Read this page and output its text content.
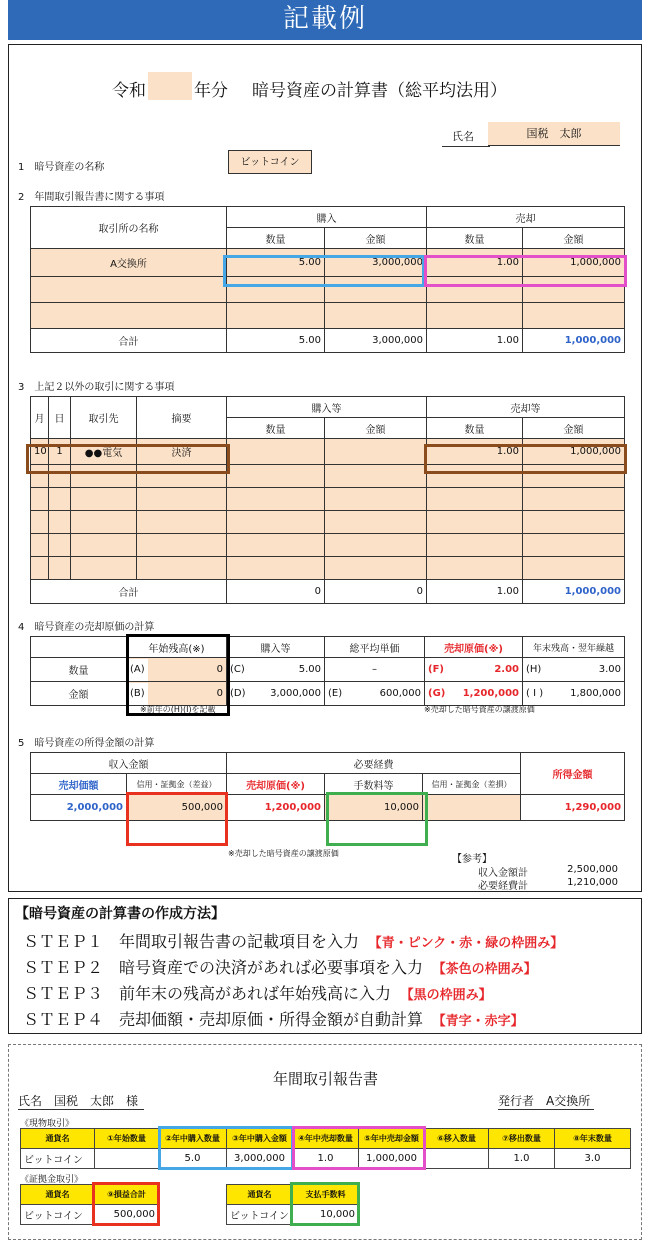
記載例
令和	年分 暗号資産の計算書（総平均法用）
氏名	国税　太郎
1　暗号資産の名称	ビットコイン
2　年間取引報告書に関する事項
取引所の名称	購入		売却	
	数量	金額	数量	金額
A交換所	5.00	3,000,000	1.00	1,000,000

合計	5.00	3,000,000	1.00	1,000,000
3　上記２以外の取引に関する事項
月	日	取引先	摘要	購入等		売却等	
				数量	金額	数量	金額
10	1	●●電気	決済			1.00	1,000,000

合計				0	0	1.00	1,000,000
4　暗号資産の売却原価の計算
	年始残高(※)	購入等	総平均単価	売却原価(※)	年末残高・翌年繰越
数量	(A) 0	(C) 5.00	–	(F) 2.00	(H) 3.00

金額	(B) 0	(D) 3,000,000	(E) 600,000	(G) 1,200,000	( I ) 1,800,000
※前年の(H)(I)を記載	※売却した暗号資産の譲渡原価
5　暗号資産の所得金額の計算
収入金額		必要経費			所得金額
売却価額	信用・証拠金（差益）	売却原価(※)	手数料等	信用・証拠金（差損）	
2,000,000	500,000	1,200,000	10,000		1,290,000
※売却した暗号資産の譲渡原価
【参考】
収入金額計	2,500,000
必要経費計	1,210,000
【暗号資産の計算書の作成方法】
ＳＴＥＰ１　 年間取引報告書の記載項目を入力　 【青・ピンク・赤・緑の枠囲み】
ＳＴＥＰ２　 暗号資産での決済があれば必要事項を入力　 【茶色の枠囲み】
ＳＴＥＰ３　 前年末の残高があれば年始残高に入力　 【黒の枠囲み】
ＳＴＥＰ４　 売却価額・売却原価・所得金額が自動計算　 【青字・赤字】
年間取引報告書
氏名　国税　太郎　様	発行者　A交換所
《現物取引》
通貨名	①年始数量	②年中購入数量	③年中購入金額	④年中売却数量	⑤年中売却金額	⑥移入数量	⑦移出数量	⑧年末数量
ビットコイン		5.0	3,000,000	1.0	1,000,000		1.0	3.0
《証拠金取引》
通貨名	⑨損益合計
ビットコイン	500,000
通貨名	支払手数料
ビットコイン	10,000
